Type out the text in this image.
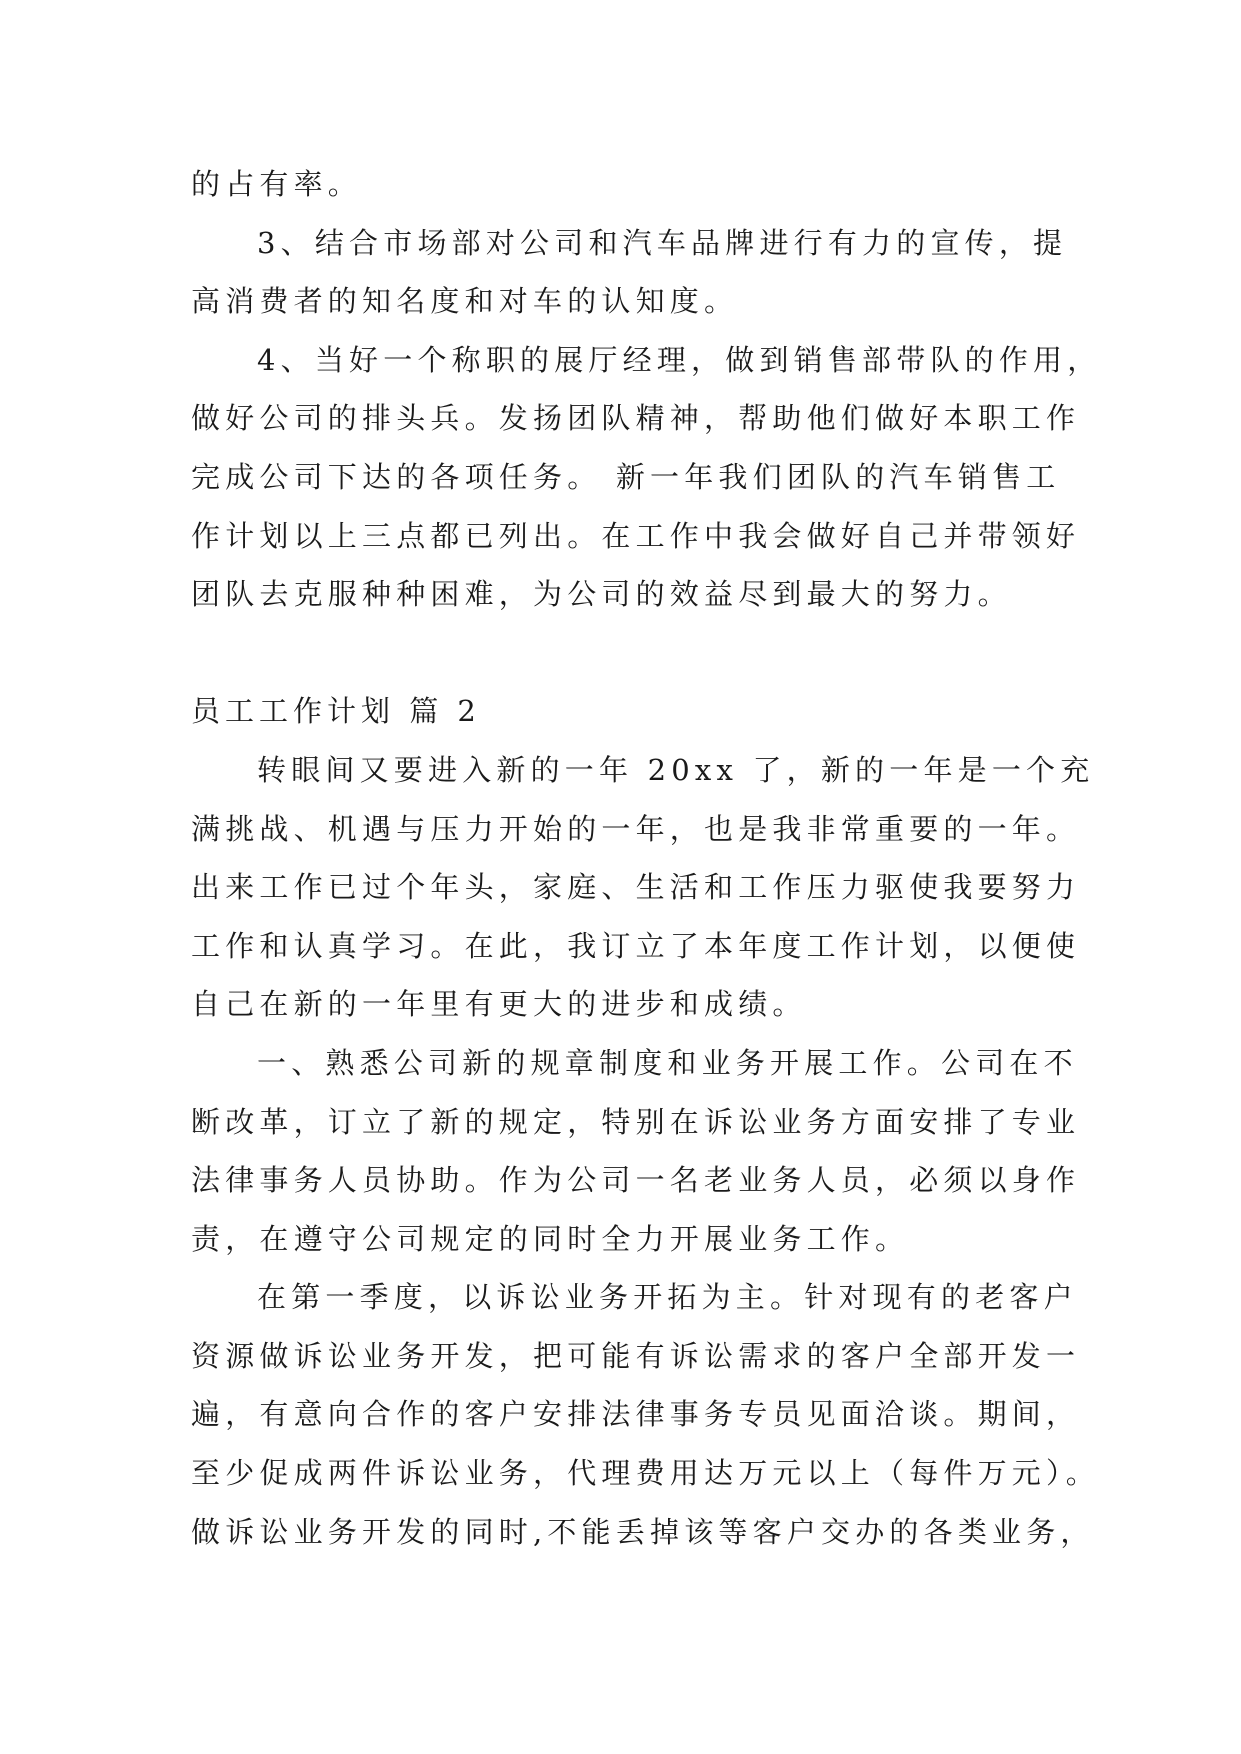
的占有率。
3、结合市场部对公司和汽车品牌进行有力的宣传，提
高消费者的知名度和对车的认知度。
4、当好一个称职的展厅经理，做到销售部带队的作用，
做好公司的排头兵。发扬团队精神，帮助他们做好本职工作
完成公司下达的各项任务。 新一年我们团队的汽车销售工
作计划以上三点都已列出。在工作中我会做好自己并带领好
团队去克服种种困难，为公司的效益尽到最大的努力。
员工工作计划 篇 2
转眼间又要进入新的一年 20xx 了，新的一年是一个充
满挑战、机遇与压力开始的一年，也是我非常重要的一年。
出来工作已过个年头，家庭、生活和工作压力驱使我要努力
工作和认真学习。在此，我订立了本年度工作计划，以便使
自己在新的一年里有更大的进步和成绩。
一、熟悉公司新的规章制度和业务开展工作。公司在不
断改革，订立了新的规定，特别在诉讼业务方面安排了专业
法律事务人员协助。作为公司一名老业务人员，必须以身作
责，在遵守公司规定的同时全力开展业务工作。
在第一季度，以诉讼业务开拓为主。针对现有的老客户
资源做诉讼业务开发，把可能有诉讼需求的客户全部开发一
遍，有意向合作的客户安排法律事务专员见面洽谈。期间，
至少促成两件诉讼业务，代理费用达万元以上（每件万元）。
做诉讼业务开发的同时,不能丢掉该等客户交办的各类业务，
